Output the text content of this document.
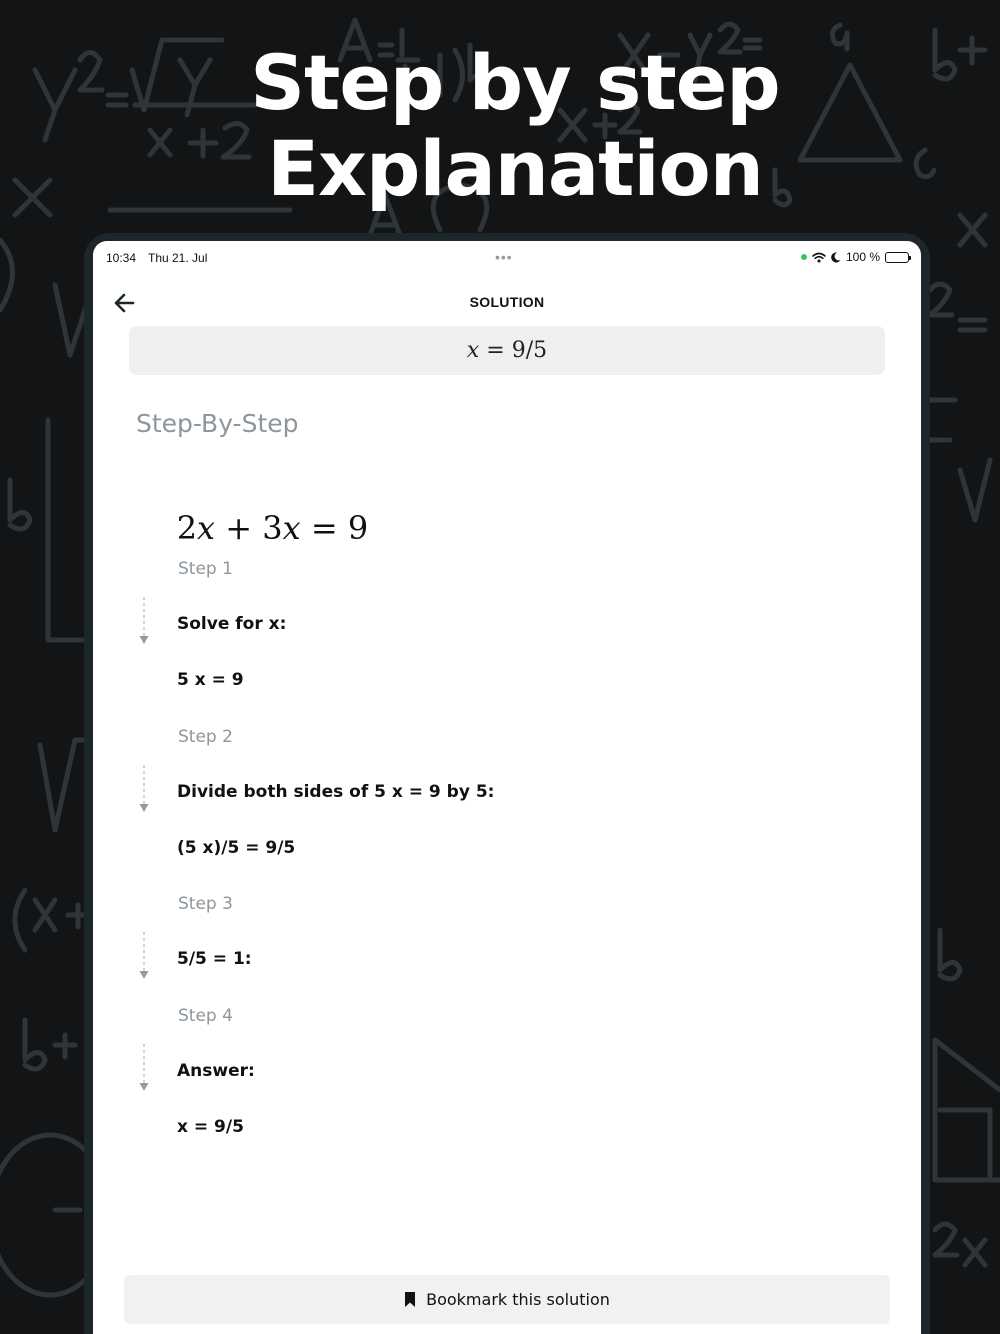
Step by step
Explanation
10:34 Thu 21. Jul	•••	100 %
SOLUTION
x = 9/5
Step-By-Step

2x + 3x = 9

Step 1
Solve for x:
5 x = 9
Step 2
Divide both sides of 5 x = 9 by 5:
(5 x)/5 = 9/5
Step 3
5/5 = 1:
Step 4
Answer:
x = 9/5
Bookmark this solution
